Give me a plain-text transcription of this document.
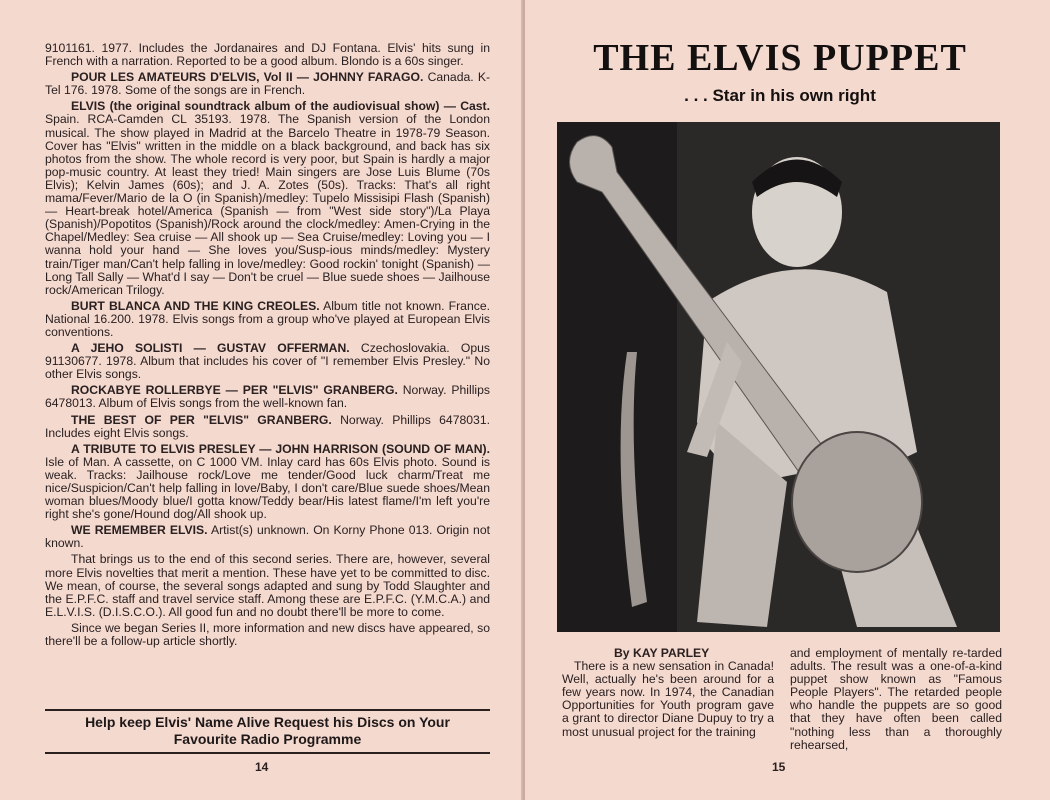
9101161. 1977. Includes the Jordanaires and DJ Fontana. Elvis' hits sung in French with a narration. Reported to be a good album. Blondo is a 60s singer.

POUR LES AMATEURS D'ELVIS, Vol II — JOHNNY FARAGO. Canada. K-Tel 176. 1978. Some of the songs are in French.

ELVIS (the original soundtrack album of the audiovisual show) — Cast. Spain. RCA-Camden CL 35193. 1978. The Spanish version of the London musical. The show played in Madrid at the Barcelo Theatre in 1978-79 Season. Cover has "Elvis" written in the middle on a black background, and back has six photos from the show. The whole record is very poor, but Spain is hardly a major pop-music country. At least they tried! Main singers are Jose Luis Blume (70s Elvis); Kelvin James (60s); and J. A. Zotes (50s). Tracks: That's all right mama/Fever/Mario de la O (in Spanish)/medley: Tupelo Missisipi Flash (Spanish) — Heart-break hotel/America (Spanish — from "West side story")/La Playa (Spanish)/Popotitos (Spanish)/Rock around the clock/medley: Amen-Crying in the Chapel/Medley: Sea cruise — All shook up — Sea Cruise/medley: Loving you — I wanna hold your hand — She loves you/Susp-ious minds/medley: Mystery train/Tiger man/Can't help falling in love/medley: Good rockin' tonight (Spanish) — Long Tall Sally — What'd I say — Don't be cruel — Blue suede shoes — Jailhouse rock/American Trilogy.

BURT BLANCA AND THE KING CREOLES. Album title not known. France. National 16.200. 1978. Elvis songs from a group who've played at European Elvis conventions.

A JEHO SOLISTI — GUSTAV OFFERMAN. Czechoslovakia. Opus 91130677. 1978. Album that includes his cover of "I remember Elvis Presley." No other Elvis songs.

ROCKABYE ROLLERBYE — PER "ELVIS" GRANBERG. Norway. Phillips 6478013. Album of Elvis songs from the well-known fan.

THE BEST OF PER "ELVIS" GRANBERG. Norway. Phillips 6478031. Includes eight Elvis songs.

A TRIBUTE TO ELVIS PRESLEY — JOHN HARRISON (SOUND OF MAN). Isle of Man. A cassette, on C 1000 VM. Inlay card has 60s Elvis photo. Sound is weak. Tracks: Jailhouse rock/Love me tender/Good luck charm/Treat me nice/Suspicion/Can't help falling in love/Baby, I don't care/Blue suede shoes/Mean woman blues/Moody blue/I gotta know/Teddy bear/His latest flame/I'm left you're right she's gone/Hound dog/All shook up.

WE REMEMBER ELVIS. Artist(s) unknown. On Korny Phone 013. Origin not known.

That brings us to the end of this second series. There are, however, several more Elvis novelties that merit a mention. These have yet to be committed to disc. We mean, of course, the several songs adapted and sung by Todd Slaughter and the E.P.F.C. staff and travel service staff. Among these are E.P.F.C. (Y.M.C.A.) and E.L.V.I.S. (D.I.S.C.O.). All good fun and no doubt there'll be more to come.

Since we began Series II, more information and new discs have appeared, so there'll be a follow-up article shortly.

Help keep Elvis' Name Alive Request his Discs on Your
Favourite Radio Programme
14
THE ELVIS PUPPET
. . . Star in his own right
By KAY PARLEY

There is a new sensation in Canada! Well, actually he's been around for a few years now. In 1974, the Canadian Opportunities for Youth program gave a grant to director Diane Dupuy to try a most unusual project for the training

and employment of mentally re-tarded adults. The result was a one-of-a-kind puppet show known as "Famous People Players". The retarded people who handle the puppets are so good that they have often been called "nothing less than a thoroughly rehearsed,

15
